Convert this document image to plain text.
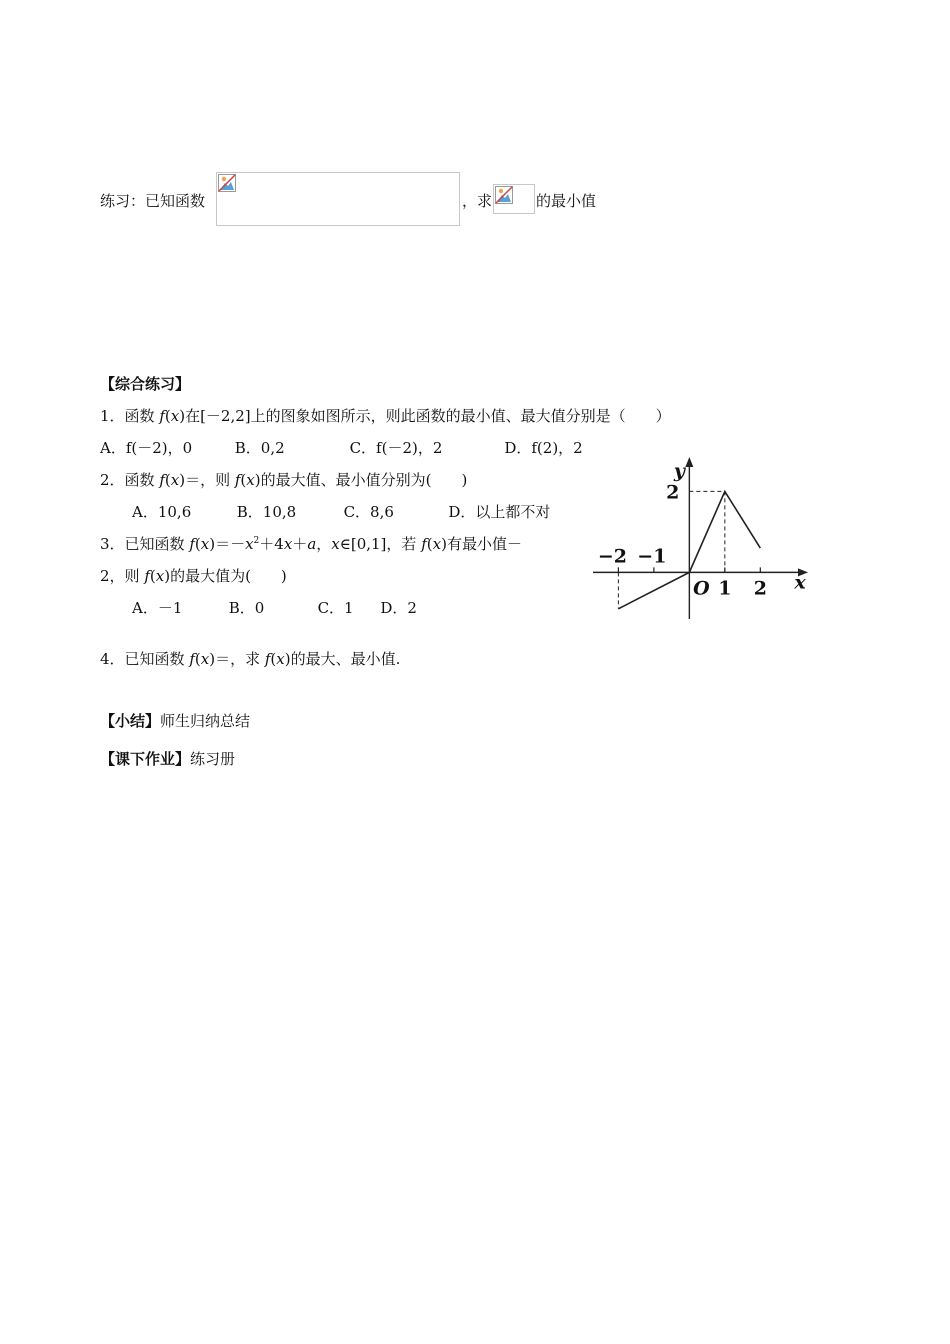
练习：已知函数	，求	的最小值
【综合练习】
1．函数 f(x)在[－2,2]上的图象如图所示，则此函数的最小值、最大值分别是（　　）
A．f(－2)，0	B．0,2	C．f(－2)，2	D．f(2)，2
2．函数 f(x)＝，则 f(x)的最大值、最小值分别为(　　)
A．10,6	B．10,8	C．8,6	D．以上都不对
3．已知函数 $f(x)=-x^2+4x+a$，x∈[0,1]，若 f(x)有最小值－
2，则 f(x)的最大值为(　　)
A．－1	B．0	C．1 D．2
4．已知函数 f(x)＝，求 f(x)的最大、最小值.
【小结】师生归纳总结
【课下作业】练习册
−2 −1
1 2
2
O	x
y
